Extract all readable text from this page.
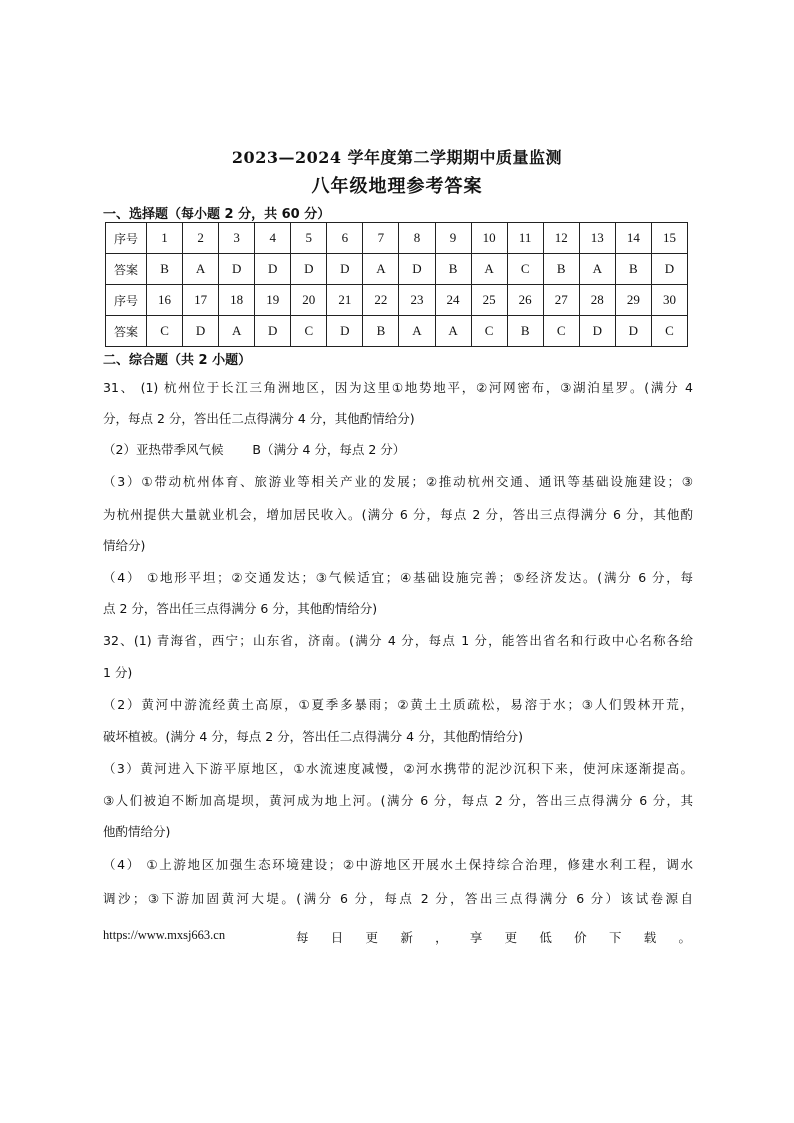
2023—2024 学年度第二学期期中质量监测
八年级地理参考答案
一、选择题（每小题 2 分，共 60 分）
序号	1	2	3	4	5	6	7	8	9	10	11	12	13	14	15
答案	B	A	D	D	D	D	A	D	B	A	C	B	A	B	D
序号	16	17	18	19	20	21	22	23	24	25	26	27	28	29	30
答案	C	D	A	D	C	D	B	A	A	C	B	C	D	D	C
二、综合题（共 2 小题）
31、 (1) 杭州位于长江三角洲地区，因为这里①地势地平，②河网密布，③湖泊星罗。(满分 4
分，每点 2 分，答出任二点得满分 4 分，其他酌情给分)
（2）亚热带季风气候　　 B（满分 4 分，每点 2 分）
（3）①带动杭州体育、旅游业等相关产业的发展；②推动杭州交通、通讯等基础设施建设；③
为杭州提供大量就业机会，增加居民收入。(满分 6 分，每点 2 分，答出三点得满分 6 分，其他酌
情给分)
（4） ①地形平坦；②交通发达；③气候适宜；④基础设施完善；⑤经济发达。(满分 6 分，每
点 2 分，答出任三点得满分 6 分，其他酌情给分)
32、(1) 青海省，西宁；山东省，济南。(满分 4 分，每点 1 分，能答出省名和行政中心名称各给
1 分)
（2）黄河中游流经黄土高原，①夏季多暴雨；②黄土土质疏松，易溶于水；③人们毁林开荒，
破坏植被。(满分 4 分，每点 2 分，答出任二点得满分 4 分，其他酌情给分)
（3）黄河进入下游平原地区，①水流速度减慢，②河水携带的泥沙沉积下来，使河床逐渐提高。
③人们被迫不断加高堤坝，黄河成为地上河。(满分 6 分，每点 2 分，答出三点得满分 6 分，其
他酌情给分)
（4） ①上游地区加强生态环境建设；②中游地区开展水土保持综合治理，修建水利工程，调水
调沙；③下游加固黄河大堤。(满分 6 分，每点 2 分，答出三点得满分 6 分）该试卷源自
https://www.mxsj663.cn	每日更新，享更低价下载。
